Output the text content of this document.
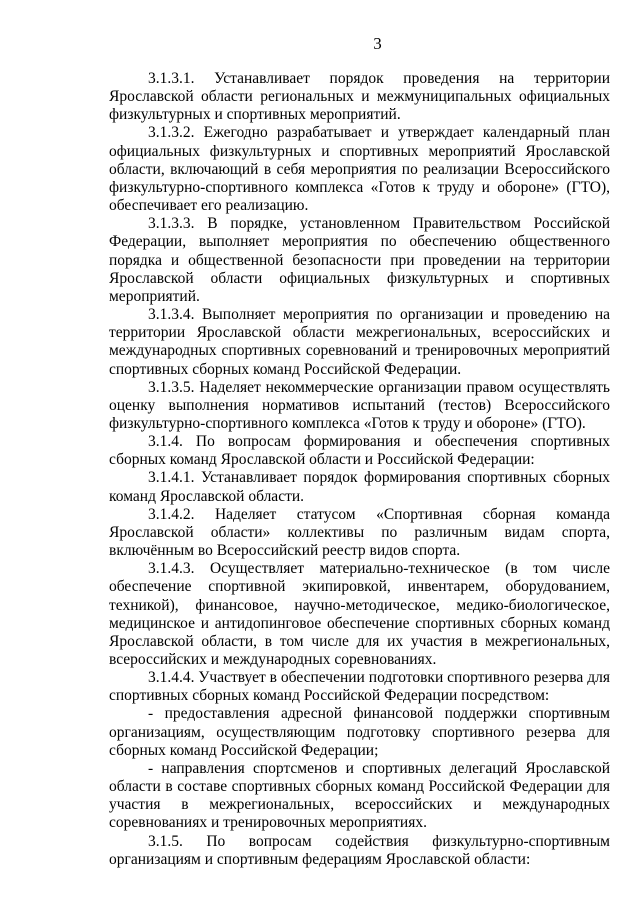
3

3.1.3.1. Устанавливает порядок проведения на территории Ярославской области региональных и межмуниципальных официальных физкультурных и спортивных мероприятий.

3.1.3.2. Ежегодно разрабатывает и утверждает календарный план официальных физкультурных и спортивных мероприятий Ярославской области, включающий в себя мероприятия по реализации Всероссийского физкультурно-спортивного комплекса «Готов к труду и обороне» (ГТО), обеспечивает его реализацию.

3.1.3.3. В порядке, установленном Правительством Российской Федерации, выполняет мероприятия по обеспечению общественного порядка и общественной безопасности при проведении на территории Ярославской области официальных физкультурных и спортивных мероприятий.

3.1.3.4. Выполняет мероприятия по организации и проведению на территории Ярославской области межрегиональных, всероссийских и международных спортивных соревнований и тренировочных мероприятий спортивных сборных команд Российской Федерации.

3.1.3.5. Наделяет некоммерческие организации правом осуществлять оценку выполнения нормативов испытаний (тестов) Всероссийского физкультурно-спортивного комплекса «Готов к труду и обороне» (ГТО).

3.1.4. По вопросам формирования и обеспечения спортивных сборных команд Ярославской области и Российской Федерации:

3.1.4.1. Устанавливает порядок формирования спортивных сборных команд Ярославской области.

3.1.4.2. Наделяет статусом «Спортивная сборная команда Ярославской области» коллективы по различным видам спорта, включённым во Всероссийский реестр видов спорта.

3.1.4.3. Осуществляет материально-техническое (в том числе обеспечение спортивной экипировкой, инвентарем, оборудованием, техникой), финансовое, научно-методическое, медико-биологическое, медицинское и антидопинговое обеспечение спортивных сборных команд Ярославской области, в том числе для их участия в межрегиональных, всероссийских и международных соревнованиях.

3.1.4.4. Участвует в обеспечении подготовки спортивного резерва для спортивных сборных команд Российской Федерации посредством:

- предоставления адресной финансовой поддержки спортивным организациям, осуществляющим подготовку спортивного резерва для сборных команд Российской Федерации;

- направления спортсменов и спортивных делегаций Ярославской области в составе спортивных сборных команд Российской Федерации для участия в межрегиональных, всероссийских и международных соревнованиях и тренировочных мероприятиях.

3.1.5. По вопросам содействия физкультурно-спортивным организациям и спортивным федерациям Ярославской области:
